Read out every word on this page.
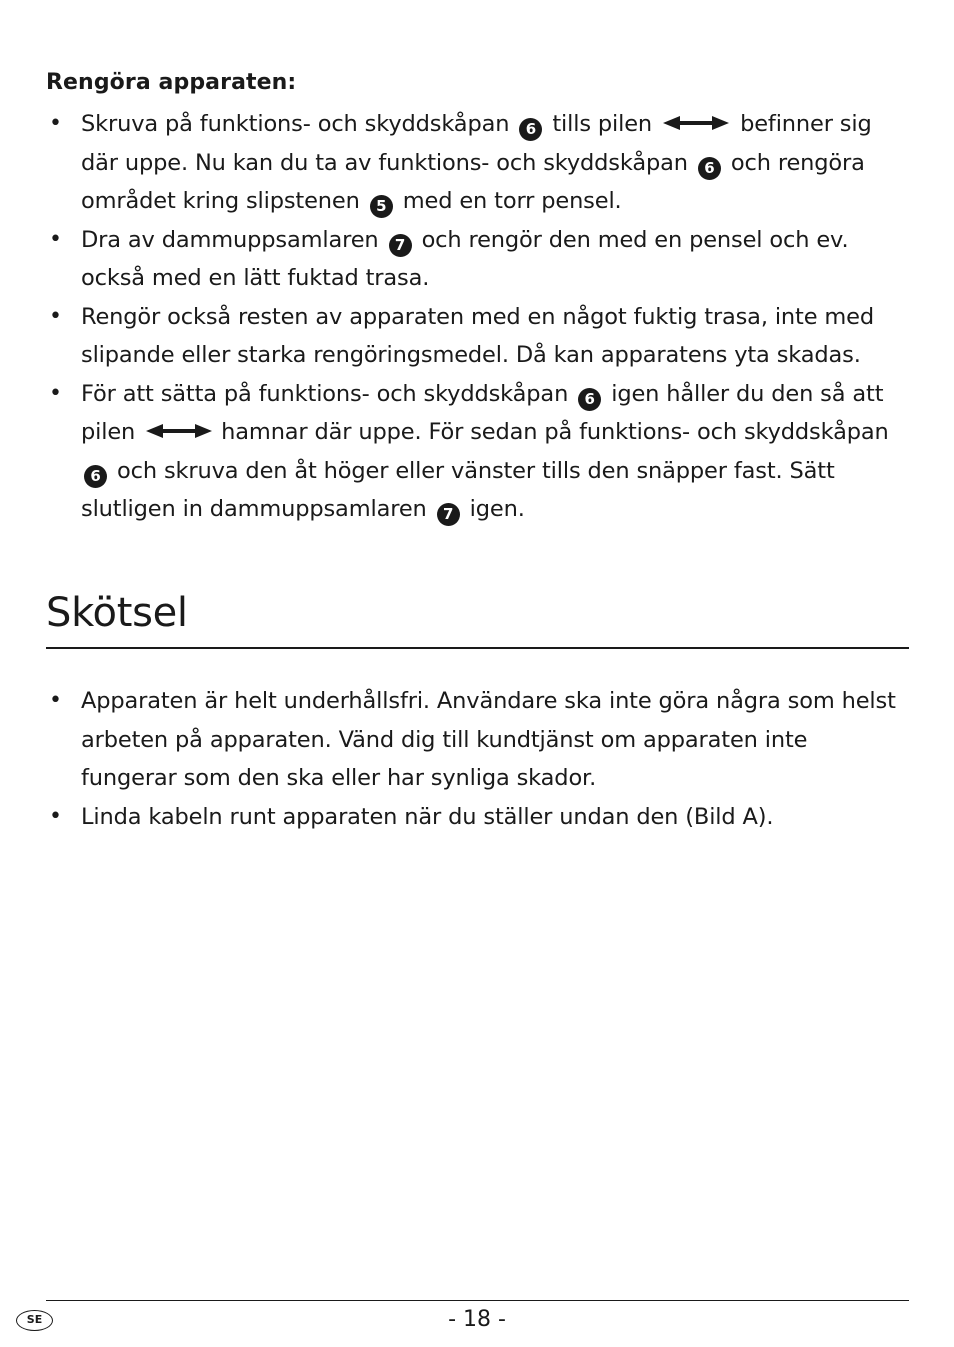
Rengöra apparaten:
• Skruva på funktions- och skyddskåpan 6 tills pilen	befinner sig där uppe. Nu kan du ta av funktions- och skyddskåpan 6 och rengöra området kring slipstenen 5 med en torr pensel.
• Dra av dammuppsamlaren 7 och rengör den med en pensel och ev. också med en lätt fuktad trasa.
• Rengör också resten av apparaten med en något fuktig trasa, inte med slipande eller starka rengöringsmedel. Då kan apparatens yta skadas.
• För att sätta på funktions- och skyddskåpan 6 igen håller du den så att pilen	hamnar där uppe. För sedan på funktions- och skyddskåpan 6 och skruva den åt höger eller vänster tills den snäpper fast. Sätt slutligen in dammuppsamlaren 7 igen.
Skötsel
• Apparaten är helt underhållsfri. Användare ska inte göra några som helst arbeten på apparaten. Vänd dig till kundtjänst om apparaten inte fungerar som den ska eller har synliga skador.
• Linda kabeln runt apparaten när du ställer undan den (Bild A).
SE	- 18 -
